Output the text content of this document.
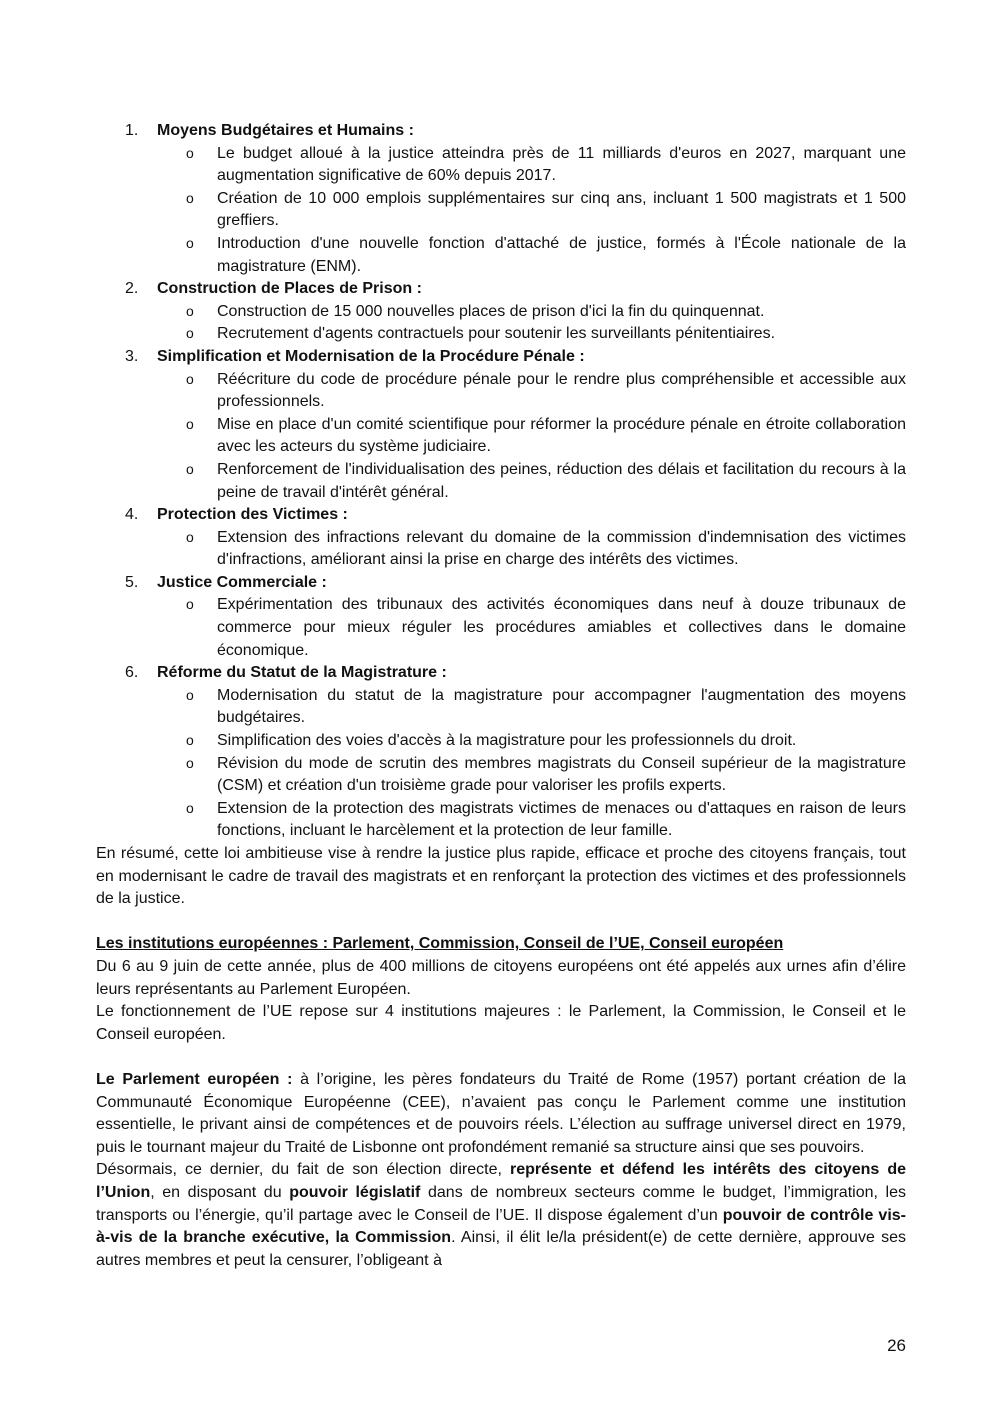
1. Moyens Budgétaires et Humains :
o Le budget alloué à la justice atteindra près de 11 milliards d'euros en 2027, marquant une augmentation significative de 60% depuis 2017.
o Création de 10 000 emplois supplémentaires sur cinq ans, incluant 1 500 magistrats et 1 500 greffiers.
o Introduction d'une nouvelle fonction d'attaché de justice, formés à l'École nationale de la magistrature (ENM).
2. Construction de Places de Prison :
o Construction de 15 000 nouvelles places de prison d'ici la fin du quinquennat.
o Recrutement d'agents contractuels pour soutenir les surveillants pénitentiaires.
3. Simplification et Modernisation de la Procédure Pénale :
o Réécriture du code de procédure pénale pour le rendre plus compréhensible et accessible aux professionnels.
o Mise en place d'un comité scientifique pour réformer la procédure pénale en étroite collaboration avec les acteurs du système judiciaire.
o Renforcement de l'individualisation des peines, réduction des délais et facilitation du recours à la peine de travail d'intérêt général.
4. Protection des Victimes :
o Extension des infractions relevant du domaine de la commission d'indemnisation des victimes d'infractions, améliorant ainsi la prise en charge des intérêts des victimes.
5. Justice Commerciale :
o Expérimentation des tribunaux des activités économiques dans neuf à douze tribunaux de commerce pour mieux réguler les procédures amiables et collectives dans le domaine économique.
6. Réforme du Statut de la Magistrature :
o Modernisation du statut de la magistrature pour accompagner l'augmentation des moyens budgétaires.
o Simplification des voies d'accès à la magistrature pour les professionnels du droit.
o Révision du mode de scrutin des membres magistrats du Conseil supérieur de la magistrature (CSM) et création d'un troisième grade pour valoriser les profils experts.
o Extension de la protection des magistrats victimes de menaces ou d'attaques en raison de leurs fonctions, incluant le harcèlement et la protection de leur famille.

En résumé, cette loi ambitieuse vise à rendre la justice plus rapide, efficace et proche des citoyens français, tout en modernisant le cadre de travail des magistrats et en renforçant la protection des victimes et des professionnels de la justice.

Les institutions européennes : Parlement, Commission, Conseil de l’UE, Conseil européen

Du 6 au 9 juin de cette année, plus de 400 millions de citoyens européens ont été appelés aux urnes afin d’élire leurs représentants au Parlement Européen.

Le fonctionnement de l’UE repose sur 4 institutions majeures : le Parlement, la Commission, le Conseil et le Conseil européen.

Le Parlement européen : à l’origine, les pères fondateurs du Traité de Rome (1957) portant création de la Communauté Économique Européenne (CEE), n’avaient pas conçu le Parlement comme une institution essentielle, le privant ainsi de compétences et de pouvoirs réels. L’élection au suffrage universel direct en 1979, puis le tournant majeur du Traité de Lisbonne ont profondément remanié sa structure ainsi que ses pouvoirs.

Désormais, ce dernier, du fait de son élection directe, représente et défend les intérêts des citoyens de l’Union, en disposant du pouvoir législatif dans de nombreux secteurs comme le budget, l’immigration, les transports ou l’énergie, qu’il partage avec le Conseil de l’UE. Il dispose également d’un pouvoir de contrôle vis-à-vis de la branche exécutive, la Commission. Ainsi, il élit le/la président(e) de cette dernière, approuve ses autres membres et peut la censurer, l’obligeant à

26
